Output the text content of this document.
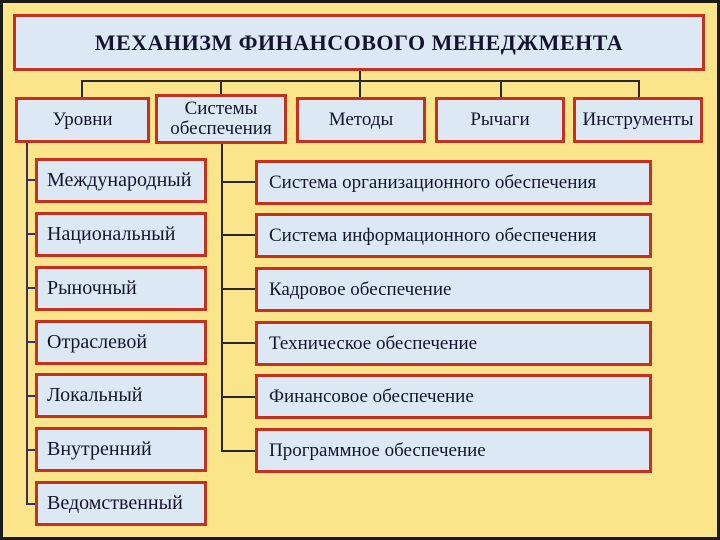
МЕХАНИЗМ ФИНАНСОВОГО МЕНЕДЖМЕНТА
Уровни
Системы обеспечения	Методы	Рычаги	Инструменты
Международный
Национальный
Рыночный
Отраслевой
Локальный
Внутренний
Ведомственный
Система организационного обеспечения
Система информационного обеспечения
Кадровое обеспечение
Техническое обеспечение
Финансовое обеспечение
Программное обеспечение
